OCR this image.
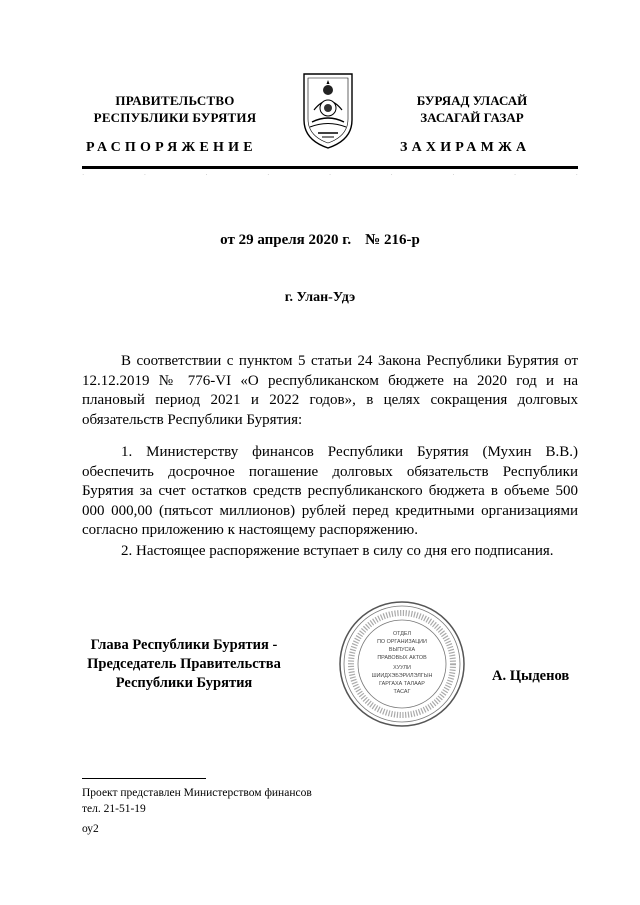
ПРАВИТЕЛЬСТВО
РЕСПУБЛИКИ БУРЯТИЯ
БУРЯАД УЛАСАЙ
ЗАСАГАЙ ГАЗАР
РАСПОРЯЖЕНИЕ	ЗАХИРАМЖА
·	·	·	·	·	·	·	·	·
от 29 апреля 2020 г. № 216-р
г. Улан-Удэ
В соответствии с пунктом 5 статьи 24 Закона Республики Бурятия от 12.12.2019 № 776-VI «О республиканском бюджете на 2020 год и на плановый период 2021 и 2022 годов», в целях сокращения долговых обязательств Республики Бурятия:
1. Министерству финансов Республики Бурятия (Мухин В.В.) обеспечить досрочное погашение долговых обязательств Республики Бурятия за счет остатков средств республиканского бюджета в объеме 500 000 000,00 (пятьсот миллионов) рублей перед кредитными организациями согласно приложению к настоящему распоряжению.
2. Настоящее распоряжение вступает в силу со дня его подписания.
Глава Республики Бурятия -
Председатель Правительства
Республики Бурятия
ОТДЕЛ
ПО ОРГАНИЗАЦИИ
ВЫПУСКА
ПРАВОВЫХ АКТОВ
ХУУЛИ
ШИИДХЭБЭРИЛЭЛГЫН
ГАРГАХА ТАЛААР
ТАСАГ
А. Цыденов
Проект представлен Министерством финансов
тел. 21-51-19
оу2
